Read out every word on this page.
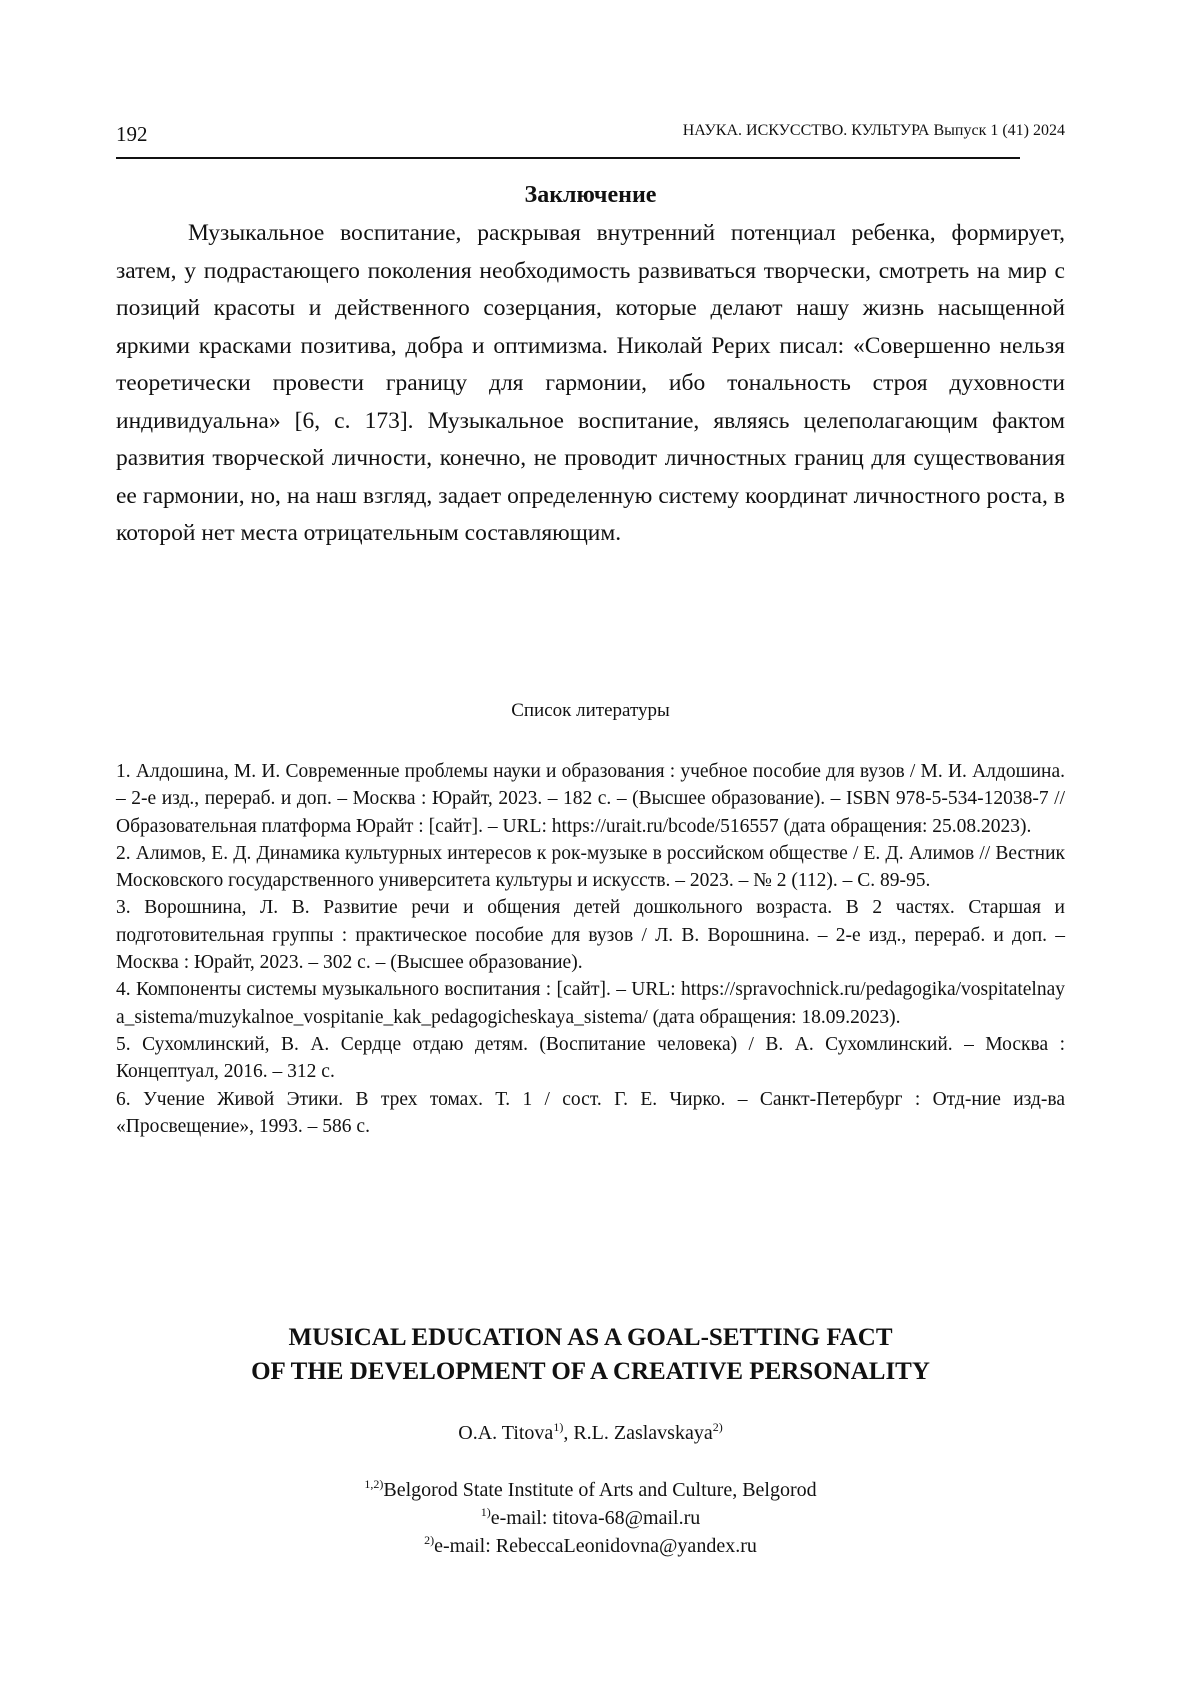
192	НАУКА. ИСКУССТВО. КУЛЬТУРА Выпуск 1 (41) 2024
Заключение

Музыкальное воспитание, раскрывая внутренний потенциал ребенка, формирует, затем, у подрастающего поколения необходимость развиваться творчески, смотреть на мир с позиций красоты и действенного созерцания, которые делают нашу жизнь насыщенной яркими красками позитива, добра и оптимизма. Николай Рерих писал: «Совершенно нельзя теоретически провести границу для гармонии, ибо тональность строя духовности индивидуальна» [6, с. 173]. Музыкальное воспитание, являясь целеполагающим фактом развития творческой личности, конечно, не проводит личностных границ для существования ее гармонии, но, на наш взгляд, задает определенную систему координат личностного роста, в которой нет места отрицательным составляющим.

Список литературы
1. Алдошина, М. И. Современные проблемы науки и образования : учебное пособие для вузов / М. И. Алдошина. – 2-е изд., перераб. и доп. – Москва : Юрайт, 2023. – 182 с. – (Высшее образование). – ISBN 978-5-534-12038-7 // Образовательная платформа Юрайт : [сайт]. – URL: https://urait.ru/bcode/516557 (дата обращения: 25.08.2023).
2. Алимов, Е. Д. Динамика культурных интересов к рок-музыке в российском обществе / Е. Д. Алимов // Вестник Московского государственного университета культуры и искусств. – 2023. – № 2 (112). – С. 89-95.
3. Ворошнина, Л. В. Развитие речи и общения детей дошкольного возраста. В 2 частях. Старшая и подготовительная группы : практическое пособие для вузов / Л. В. Ворошнина. – 2-е изд., перераб. и доп. – Москва : Юрайт, 2023. – 302 с. – (Высшее образование).
4. Компоненты системы музыкального воспитания : [сайт]. – URL: https://spravochnick.ru/pedagogika/vospitatelnaya_sistema/muzykalnoe_vospitanie_kak_pedagogicheskaya_sistema/ (дата обращения: 18.09.2023).
5. Сухомлинский, В. А. Сердце отдаю детям. (Воспитание человека) / В. А. Сухомлинский. – Москва : Концептуал, 2016. – 312 с.
6. Учение Живой Этики. В трех томах. Т. 1 / сост. Г. Е. Чирко. – Санкт-Петербург : Отд-ние изд-ва «Просвещение», 1993. – 586 с.
MUSICAL EDUCATION AS A GOAL-SETTING FACT
OF THE DEVELOPMENT OF A CREATIVE PERSONALITY
O.A. Titova$^{1)}$, R.L. Zaslavskaya$^{2)}$
$^{1,2)}$Belgorod State Institute of Arts and Culture, Belgorod
$^{1)}$e-mail: titova-68@mail.ru
$^{2)}$e-mail: RebeccaLeonidovna@yandex.ru
